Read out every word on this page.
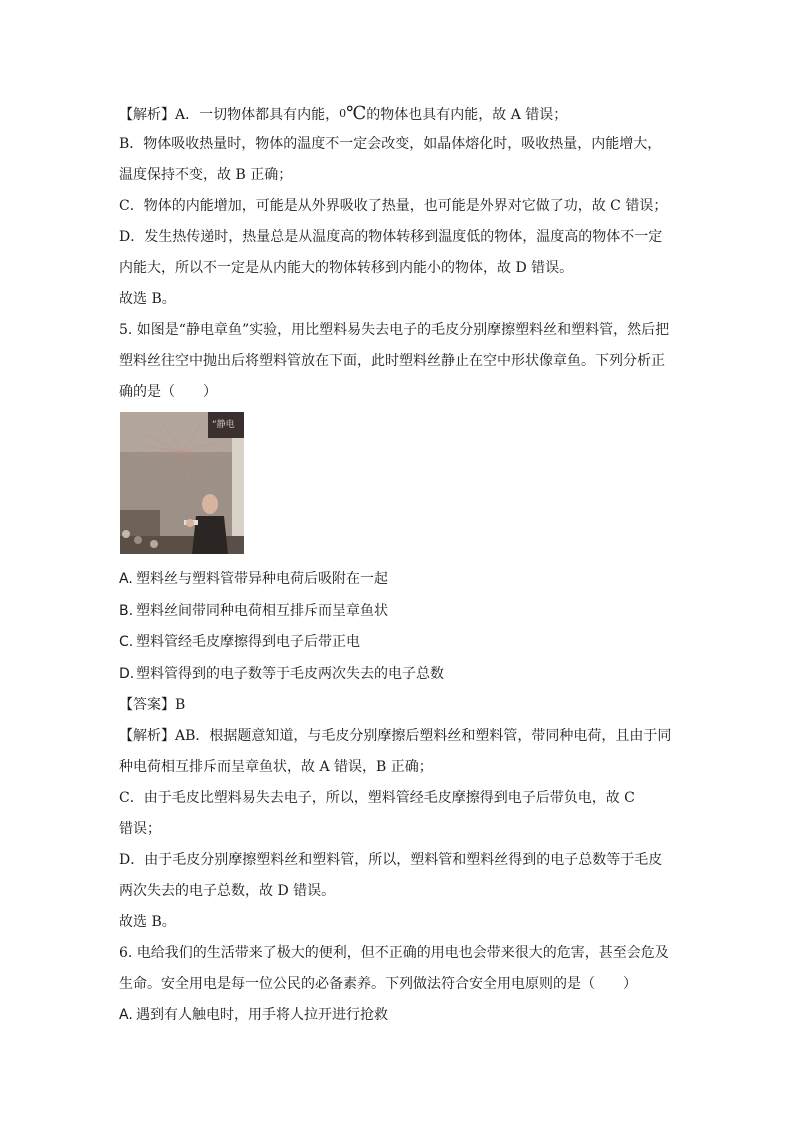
【解析】A．一切物体都具有内能，0℃的物体也具有内能，故 A 错误；
B．物体吸收热量时，物体的温度不一定会改变，如晶体熔化时，吸收热量，内能增大，
温度保持不变，故 B 正确；
C．物体的内能增加，可能是从外界吸收了热量，也可能是外界对它做了功，故 C 错误；
D．发生热传递时，热量总是从温度高的物体转移到温度低的物体，温度高的物体不一定
内能大，所以不一定是从内能大的物体转移到内能小的物体，故 D 错误。
故选 B。
5. 如图是“静电章鱼”实验，用比塑料易失去电子的毛皮分别摩擦塑料丝和塑料管，然后把
塑料丝往空中抛出后将塑料管放在下面，此时塑料丝静止在空中形状像章鱼。下列分析正
确的是（　　）
“静电
A. 塑料丝与塑料管带异种电荷后吸附在一起
B. 塑料丝间带同种电荷相互排斥而呈章鱼状
C. 塑料管经毛皮摩擦得到电子后带正电
D. 塑料管得到的电子数等于毛皮两次失去的电子总数
【答案】B
【解析】AB．根据题意知道，与毛皮分别摩擦后塑料丝和塑料管，带同种电荷，且由于同
种电荷相互排斥而呈章鱼状，故 A 错误，B 正确；
C．由于毛皮比塑料易失去电子，所以，塑料管经毛皮摩擦得到电子后带负电，故 C
错误；
D．由于毛皮分别摩擦塑料丝和塑料管，所以，塑料管和塑料丝得到的电子总数等于毛皮
两次失去的电子总数，故 D 错误。
故选 B。
6. 电给我们的生活带来了极大的便利，但不正确的用电也会带来很大的危害，甚至会危及
生命。安全用电是每一位公民的必备素养。下列做法符合安全用电原则的是（　　）
A. 遇到有人触电时，用手将人拉开进行抢救
